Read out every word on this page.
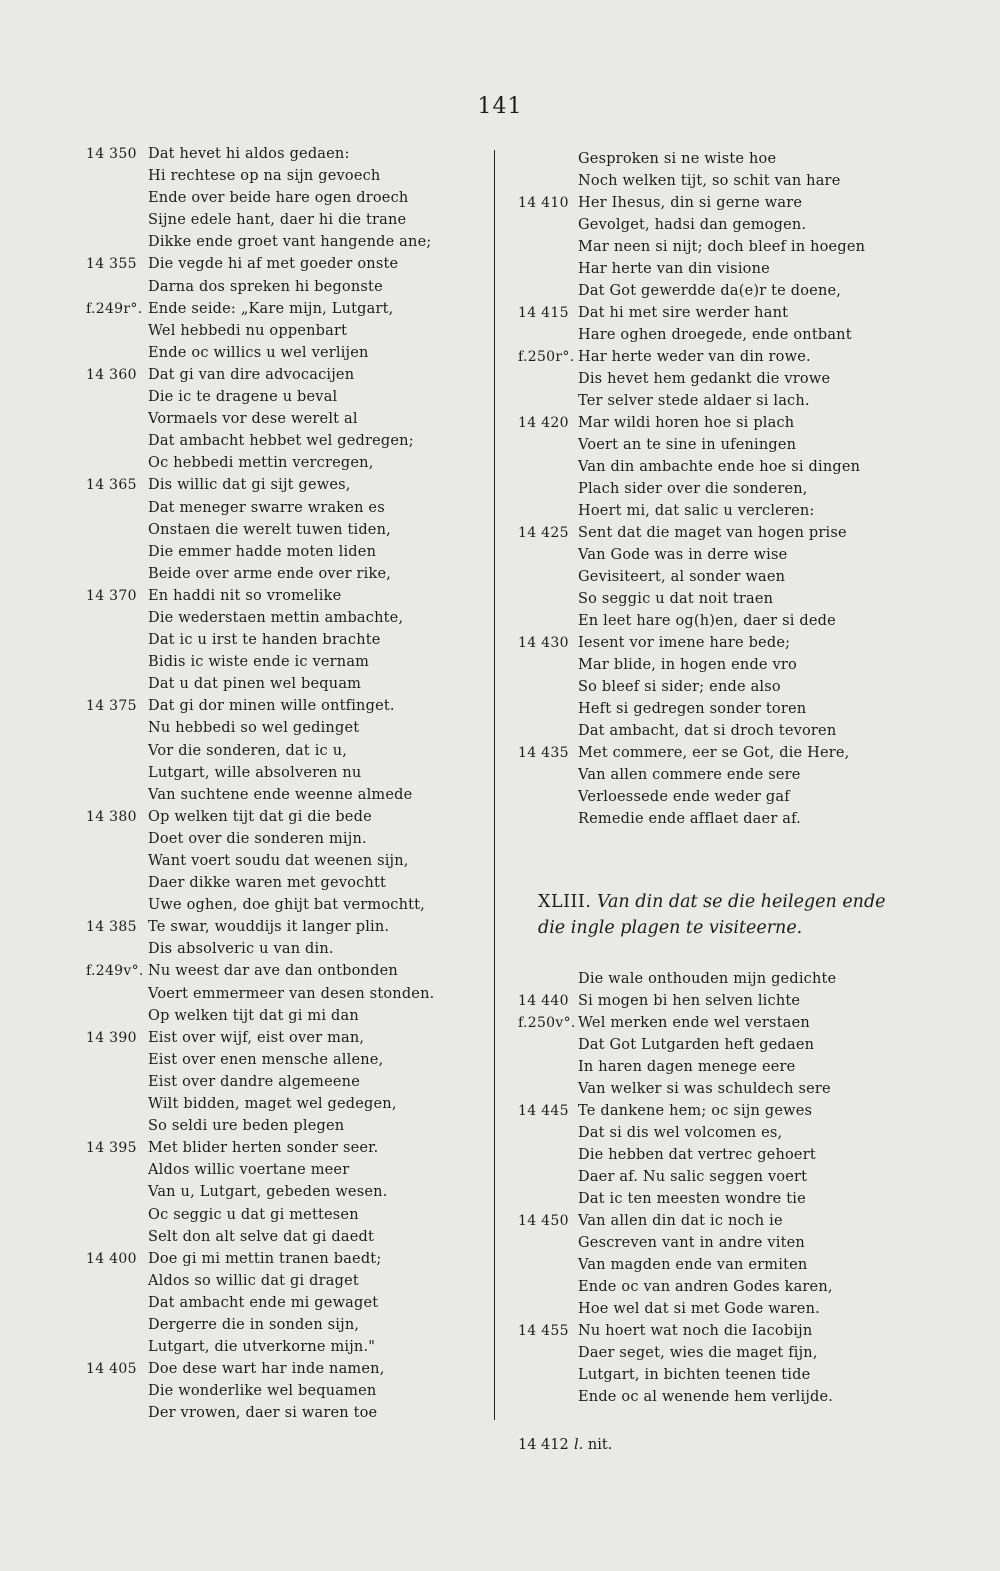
141
14 350 Dat hevet hi aldos gedaen:
Hi rechtese op na sijn gevoech
Ende over beide hare ogen droech
Sijne edele hant, daer hi die trane
Dikke ende groet vant hangende ane;
14 355 Die vegde hi af met goeder onste
Darna dos spreken hi begonste
f.249r°. Ende seide: „Kare mijn, Lutgart,
Wel hebbedi nu oppenbart
Ende oc willics u wel verlijen
14 360 Dat gi van dire advocacijen
Die ic te dragene u beval
Vormaels vor dese werelt al
Dat ambacht hebbet wel gedregen;
Oc hebbedi mettin vercregen,
14 365 Dis willic dat gi sijt gewes,
Dat meneger swarre wraken es
Onstaen die werelt tuwen tiden,
Die emmer hadde moten liden
Beide over arme ende over rike,
14 370 En haddi nit so vromelike
Die wederstaen mettin ambachte,
Dat ic u irst te handen brachte
Bidis ic wiste ende ic vernam
Dat u dat pinen wel bequam
14 375 Dat gi dor minen wille ontfinget.
Nu hebbedi so wel gedinget
Vor die sonderen, dat ic u,
Lutgart, wille absolveren nu
Van suchtene ende weenne almede
14 380 Op welken tijt dat gi die bede
Doet over die sonderen mijn.
Want voert soudu dat weenen sijn,
Daer dikke waren met gevochtt
Uwe oghen, doe ghijt bat vermochtt,
14 385 Te swar, wouddijs it langer plin.
Dis absolveric u van din.
f.249v°. Nu weest dar ave dan ontbonden
Voert emmermeer van desen stonden.
Op welken tijt dat gi mi dan
14 390 Eist over wijf, eist over man,
Eist over enen mensche allene,
Eist over dandre algemeene
Wilt bidden, maget wel gedegen,
So seldi ure beden plegen
14 395 Met blider herten sonder seer.
Aldos willic voertane meer
Van u, Lutgart, gebeden wesen.
Oc seggic u dat gi mettesen
Selt don alt selve dat gi daedt
14 400 Doe gi mi mettin tranen baedt;
Aldos so willic dat gi draget
Dat ambacht ende mi gewaget
Dergerre die in sonden sijn,
Lutgart, die utverkorne mijn."
14 405 Doe dese wart har inde namen,
Die wonderlike wel bequamen
Der vrowen, daer si waren toe
Gesproken si ne wiste hoe
Noch welken tijt, so schit van hare
14 410 Her Ihesus, din si gerne ware
Gevolget, hadsi dan gemogen.
Mar neen si nijt; doch bleef in hoegen
Har herte van din visione
Dat Got gewerdde da(e)r te doene,
14 415 Dat hi met sire werder hant
Hare oghen droegede, ende ontbant
f.250r°. Har herte weder van din rowe.
Dis hevet hem gedankt die vrowe
Ter selver stede aldaer si lach.
14 420 Mar wildi horen hoe si plach
Voert an te sine in ufeningen
Van din ambachte ende hoe si dingen
Plach sider over die sonderen,
Hoert mi, dat salic u vercleren:
14 425 Sent dat die maget van hogen prise
Van Gode was in derre wise
Gevisiteert, al sonder waen
So seggic u dat noit traen
En leet hare og(h)en, daer si dede
14 430 Iesent vor imene hare bede;
Mar blide, in hogen ende vro
So bleef si sider; ende also
Heft si gedregen sonder toren
Dat ambacht, dat si droch tevoren
14 435 Met commere, eer se Got, die Here,
Van allen commere ende sere
Verloessede ende weder gaf
Remedie ende afflaet daer af.
XLIII. Van din dat se die heilegen ende die ingle plagen te visiteerne.
Die wale onthouden mijn gedichte
14 440 Si mogen bi hen selven lichte
f.250v°. Wel merken ende wel verstaen
Dat Got Lutgarden heft gedaen
In haren dagen menege eere
Van welker si was schuldech sere
14 445 Te dankene hem; oc sijn gewes
Dat si dis wel volcomen es,
Die hebben dat vertrec gehoert
Daer af. Nu salic seggen voert
Dat ic ten meesten wondre tie
14 450 Van allen din dat ic noch ie
Gescreven vant in andre viten
Van magden ende van ermiten
Ende oc van andren Godes karen,
Hoe wel dat si met Gode waren.
14 455 Nu hoert wat noch die Iacobijn
Daer seget, wies die maget fijn,
Lutgart, in bichten teenen tide
Ende oc al wenende hem verlijde.
14 412 l. nit.
